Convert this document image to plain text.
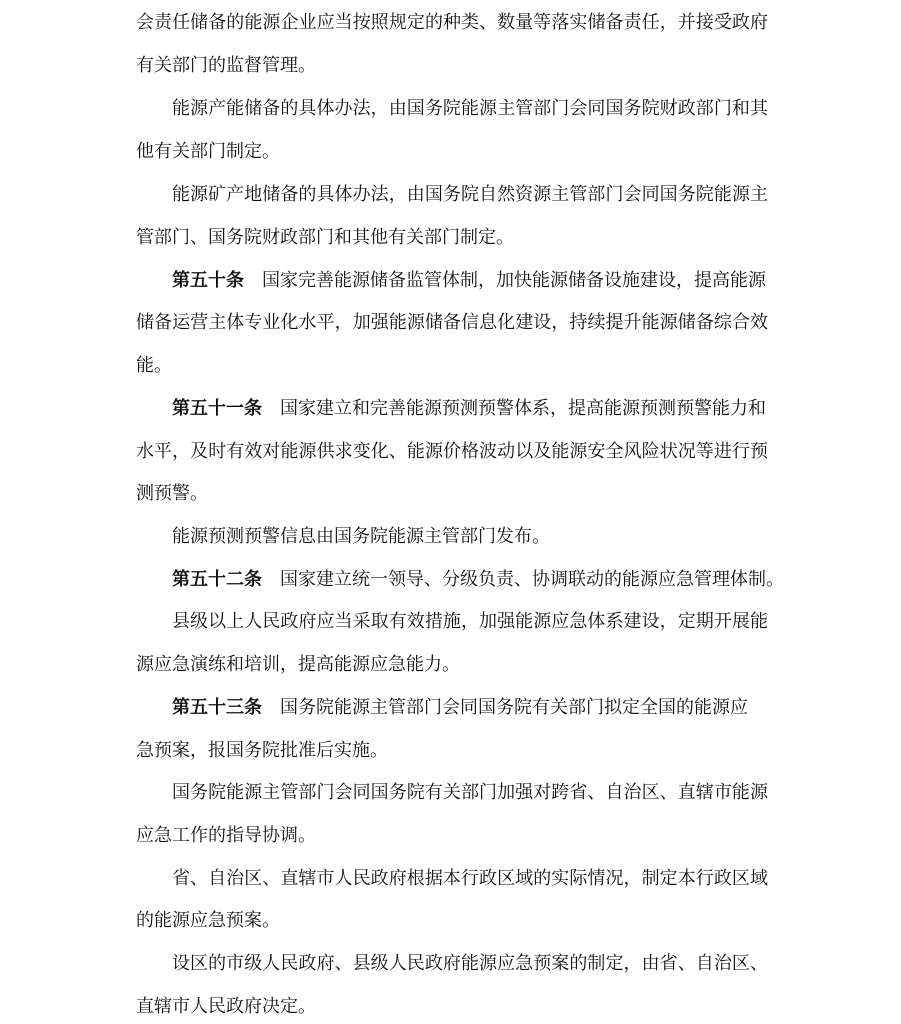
会责任储备的能源企业应当按照规定的种类、数量等落实储备责任，并接受政府
有关部门的监督管理。
能源产能储备的具体办法，由国务院能源主管部门会同国务院财政部门和其
他有关部门制定。
能源矿产地储备的具体办法，由国务院自然资源主管部门会同国务院能源主
管部门、国务院财政部门和其他有关部门制定。
第五十条 国家完善能源储备监管体制，加快能源储备设施建设，提高能源
储备运营主体专业化水平，加强能源储备信息化建设，持续提升能源储备综合效
能。
第五十一条 国家建立和完善能源预测预警体系，提高能源预测预警能力和
水平，及时有效对能源供求变化、能源价格波动以及能源安全风险状况等进行预
测预警。
能源预测预警信息由国务院能源主管部门发布。
第五十二条 国家建立统一领导、分级负责、协调联动的能源应急管理体制。
县级以上人民政府应当采取有效措施，加强能源应急体系建设，定期开展能
源应急演练和培训，提高能源应急能力。
第五十三条 国务院能源主管部门会同国务院有关部门拟定全国的能源应
急预案，报国务院批准后实施。
国务院能源主管部门会同国务院有关部门加强对跨省、自治区、直辖市能源
应急工作的指导协调。
省、自治区、直辖市人民政府根据本行政区域的实际情况，制定本行政区域
的能源应急预案。
设区的市级人民政府、县级人民政府能源应急预案的制定，由省、自治区、
直辖市人民政府决定。
